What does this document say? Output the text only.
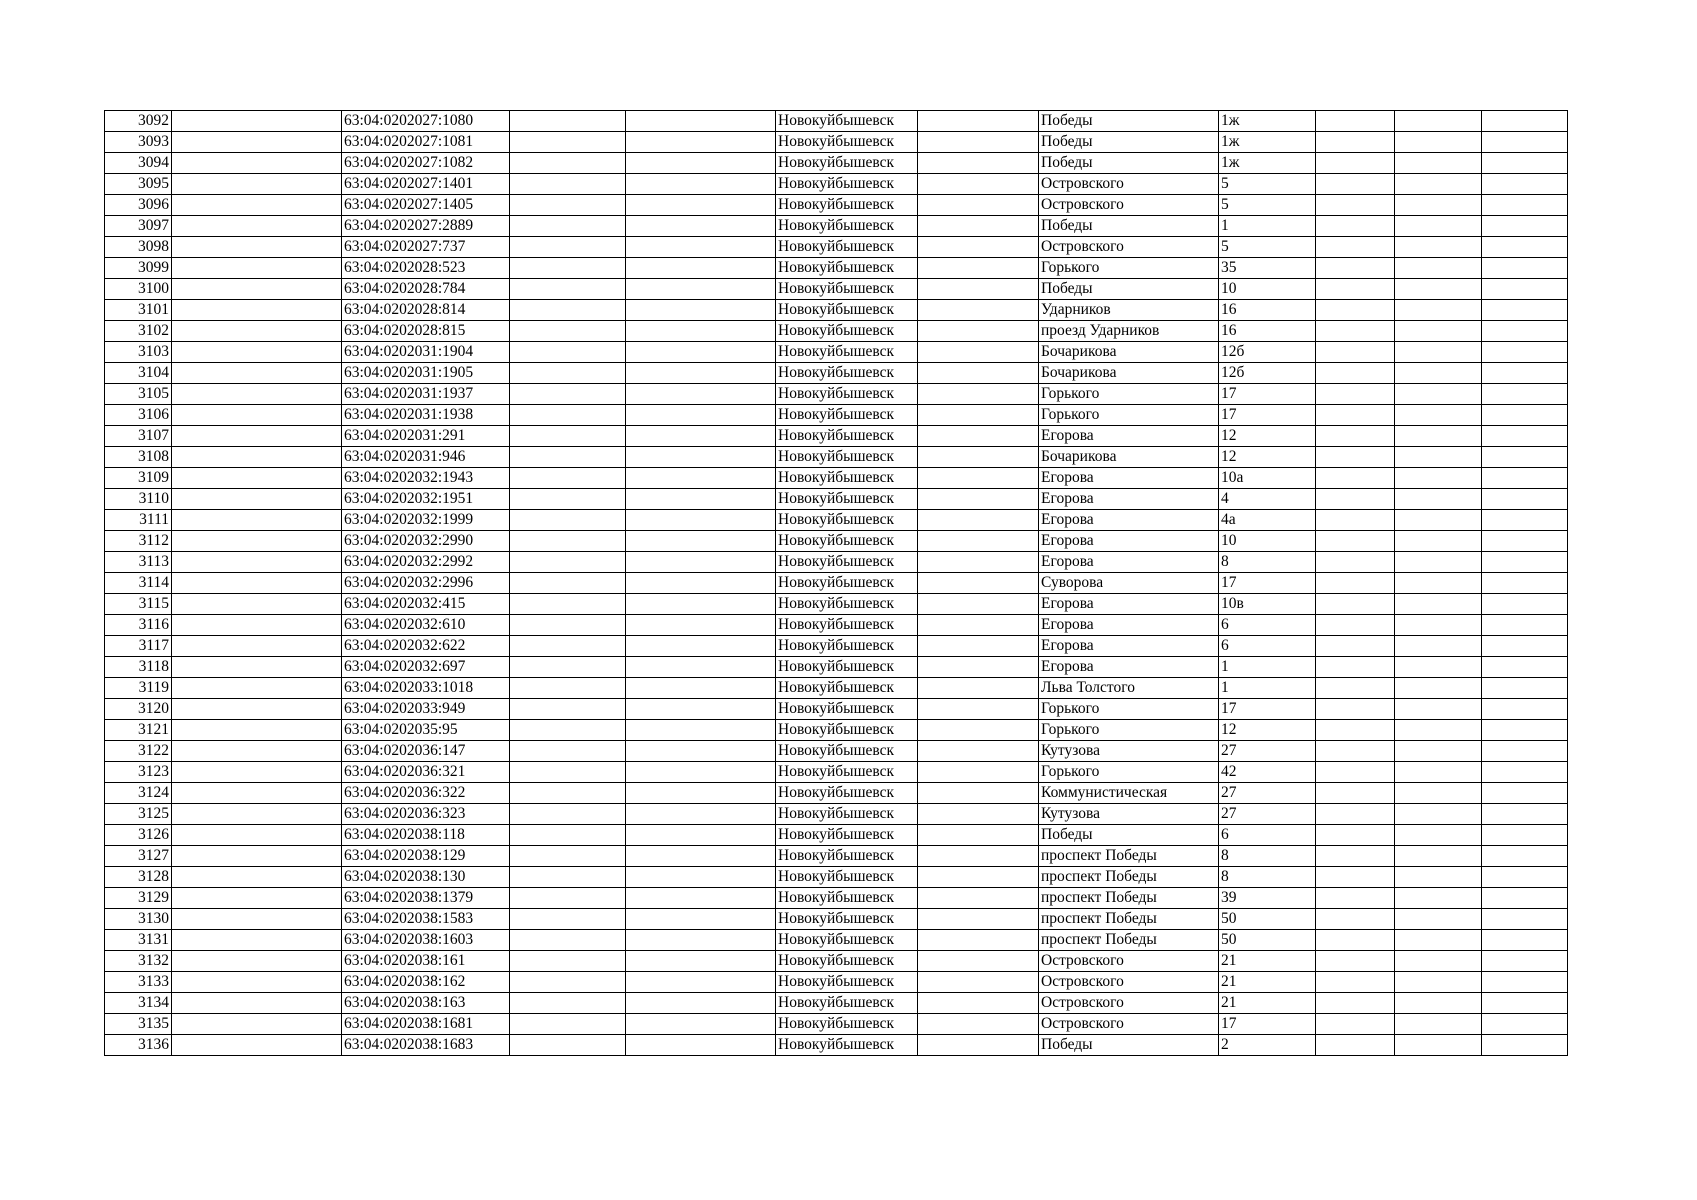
3092		63:04:0202027:1080			Новокуйбышевск		Победы	1ж			
3093		63:04:0202027:1081			Новокуйбышевск		Победы	1ж			
3094		63:04:0202027:1082			Новокуйбышевск		Победы	1ж			
3095		63:04:0202027:1401			Новокуйбышевск		Островского	5			
3096		63:04:0202027:1405			Новокуйбышевск		Островского	5			
3097		63:04:0202027:2889			Новокуйбышевск		Победы	1			
3098		63:04:0202027:737			Новокуйбышевск		Островского	5			
3099		63:04:0202028:523			Новокуйбышевск		Горького	35			
3100		63:04:0202028:784			Новокуйбышевск		Победы	10			
3101		63:04:0202028:814			Новокуйбышевск		Ударников	16			
3102		63:04:0202028:815			Новокуйбышевск		проезд Ударников	16			
3103		63:04:0202031:1904			Новокуйбышевск		Бочарикова	12б			
3104		63:04:0202031:1905			Новокуйбышевск		Бочарикова	12б			
3105		63:04:0202031:1937			Новокуйбышевск		Горького	17			
3106		63:04:0202031:1938			Новокуйбышевск		Горького	17			
3107		63:04:0202031:291			Новокуйбышевск		Егорова	12			
3108		63:04:0202031:946			Новокуйбышевск		Бочарикова	12			
3109		63:04:0202032:1943			Новокуйбышевск		Егорова	10а			
3110		63:04:0202032:1951			Новокуйбышевск		Егорова	4			
3111		63:04:0202032:1999			Новокуйбышевск		Егорова	4а			
3112		63:04:0202032:2990			Новокуйбышевск		Егорова	10			
3113		63:04:0202032:2992			Новокуйбышевск		Егорова	8			
3114		63:04:0202032:2996			Новокуйбышевск		Суворова	17			
3115		63:04:0202032:415			Новокуйбышевск		Егорова	10в			
3116		63:04:0202032:610			Новокуйбышевск		Егорова	6			
3117		63:04:0202032:622			Новокуйбышевск		Егорова	6			
3118		63:04:0202032:697			Новокуйбышевск		Егорова	1			
3119		63:04:0202033:1018			Новокуйбышевск		Льва Толстого	1			
3120		63:04:0202033:949			Новокуйбышевск		Горького	17			
3121		63:04:0202035:95			Новокуйбышевск		Горького	12			
3122		63:04:0202036:147			Новокуйбышевск		Кутузова	27			
3123		63:04:0202036:321			Новокуйбышевск		Горького	42			
3124		63:04:0202036:322			Новокуйбышевск		Коммунистическая	27			
3125		63:04:0202036:323			Новокуйбышевск		Кутузова	27			
3126		63:04:0202038:118			Новокуйбышевск		Победы	6			
3127		63:04:0202038:129			Новокуйбышевск		проспект Победы	8			
3128		63:04:0202038:130			Новокуйбышевск		проспект Победы	8			
3129		63:04:0202038:1379			Новокуйбышевск		проспект Победы	39			
3130		63:04:0202038:1583			Новокуйбышевск		проспект Победы	50			
3131		63:04:0202038:1603			Новокуйбышевск		проспект Победы	50			
3132		63:04:0202038:161			Новокуйбышевск		Островского	21			
3133		63:04:0202038:162			Новокуйбышевск		Островского	21			
3134		63:04:0202038:163			Новокуйбышевск		Островского	21			
3135		63:04:0202038:1681			Новокуйбышевск		Островского	17			
3136		63:04:0202038:1683			Новокуйбышевск		Победы	2			
